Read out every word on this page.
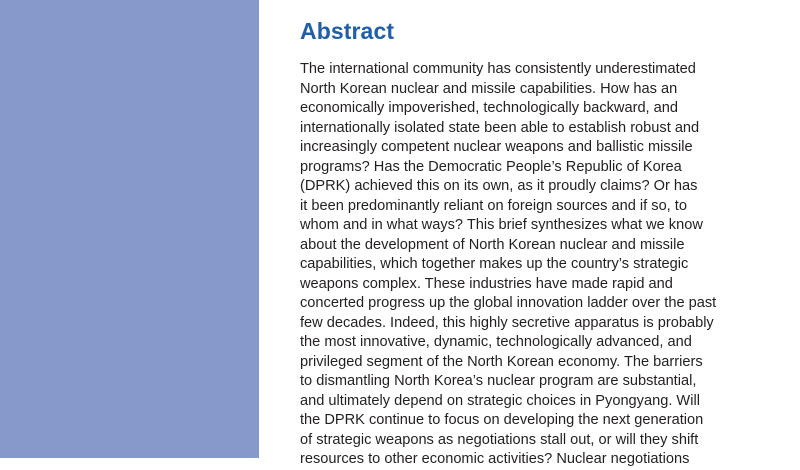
Abstract
The international community has consistently underestimated
North Korean nuclear and missile capabilities. How has an
economically impoverished, technologically backward, and
internationally isolated state been able to establish robust and
increasingly competent nuclear weapons and ballistic missile
programs? Has the Democratic People’s Republic of Korea
(DPRK) achieved this on its own, as it proudly claims? Or has
it been predominantly reliant on foreign sources and if so, to
whom and in what ways? This brief synthesizes what we know
about the development of North Korean nuclear and missile
capabilities, which together makes up the country’s strategic
weapons complex. These industries have made rapid and
concerted progress up the global innovation ladder over the past
few decades. Indeed, this highly secretive apparatus is probably
the most innovative, dynamic, technologically advanced, and
privileged segment of the North Korean economy. The barriers
to dismantling North Korea’s nuclear program are substantial,
and ultimately depend on strategic choices in Pyongyang. Will
the DPRK continue to focus on developing the next generation
of strategic weapons as negotiations stall out, or will they shift
resources to other economic activities? Nuclear negotiations
